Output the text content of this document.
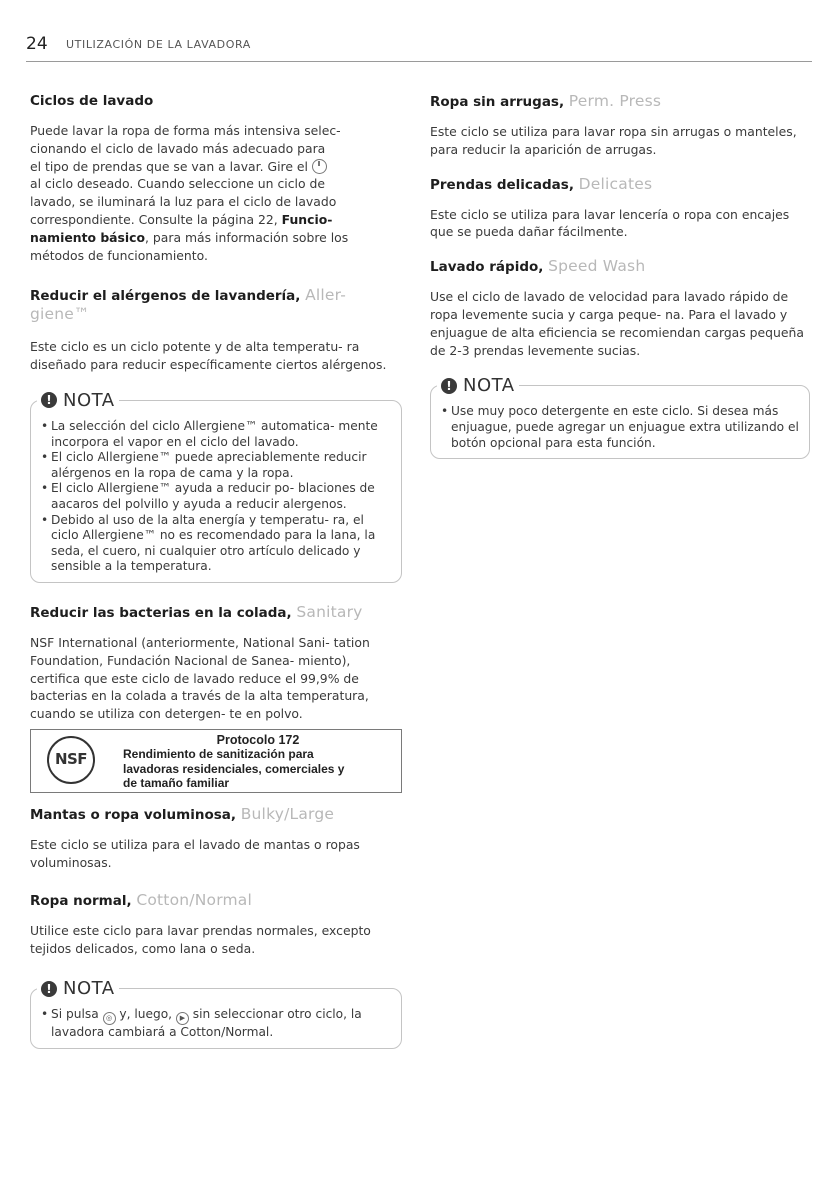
24 UTILIZACIÓN DE LA LAVADORA
Ciclos de lavado

Puede lavar la ropa de forma más intensiva selec-
cionando el ciclo de lavado más adecuado para
el tipo de prendas que se van a lavar. Gire el
al ciclo deseado. Cuando seleccione un ciclo de
lavado, se iluminará la luz para el ciclo de lavado
correspondiente. Consulte la página 22, Funcio-
namiento básico, para más información sobre los
métodos de funcionamiento.

Reducir el alérgenos de lavandería, Aller-
giene™

Este ciclo es un ciclo potente y de alta temperatu- ra diseñado para reducir específicamente ciertos alérgenos.

! NOTA
• La selección del ciclo Allergiene™ automatica- mente incorpora el vapor en el ciclo del lavado.
• El ciclo Allergiene™ puede apreciablemente reducir alérgenos en la ropa de cama y la ropa.
• El ciclo Allergiene™ ayuda a reducir po- blaciones de aacaros del polvillo y ayuda a reducir alergenos.
• Debido al uso de la alta energía y temperatu- ra, el ciclo Allergiene™ no es recomendado para la lana, la seda, el cuero, ni cualquier otro artículo delicado y sensible a la temperatura.
Reducir las bacterias en la colada, Sanitary

NSF International (anteriormente, National Sani- tation Foundation, Fundación Nacional de Sanea- miento), certifica que este ciclo de lavado reduce el 99,9% de bacterias en la colada a través de la alta temperatura, cuando se utiliza con detergen- te en polvo.

NSF
Protocolo 172
Rendimiento de sanitización para
lavadoras residenciales, comerciales y
de tamaño familiar
Mantas o ropa voluminosa, Bulky/Large

Este ciclo se utiliza para el lavado de mantas o ropas voluminosas.

Ropa normal, Cotton/Normal

Utilice este ciclo para lavar prendas normales, excepto tejidos delicados, como lana o seda.

! NOTA
• Si pulsa ◎ y, luego, ▶ sin seleccionar otro ciclo, la lavadora cambiará a Cotton/Normal.
Ropa sin arrugas, Perm. Press

Este ciclo se utiliza para lavar ropa sin arrugas o manteles, para reducir la aparición de arrugas.

Prendas delicadas, Delicates

Este ciclo se utiliza para lavar lencería o ropa con encajes que se pueda dañar fácilmente.

Lavado rápido, Speed Wash

Use el ciclo de lavado de velocidad para lavado rápido de ropa levemente sucia y carga peque- na. Para el lavado y enjuague de alta eficiencia se recomiendan cargas pequeña de 2-3 prendas levemente sucias.

! NOTA
• Use muy poco detergente en este ciclo. Si desea más enjuague, puede agregar un enjuague extra utilizando el botón opcional para esta función.
